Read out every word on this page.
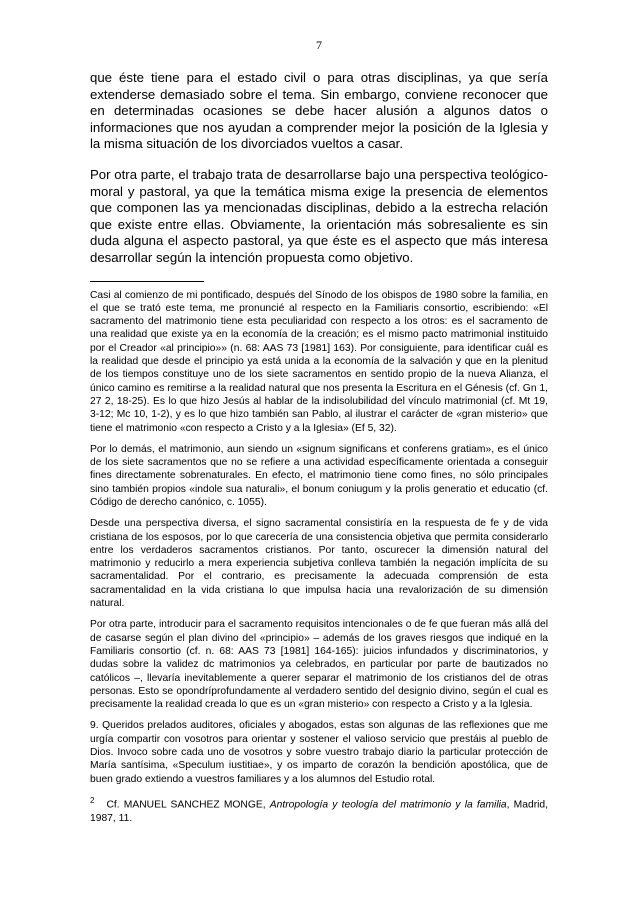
7

que éste tiene para el estado civil o para otras disciplinas, ya que sería extenderse demasiado sobre el tema. Sin embargo, conviene reconocer que en determinadas ocasiones se debe hacer alusión a algunos datos o informaciones que nos ayudan a comprender mejor la posición de la Iglesia y la misma situación de los divorciados vueltos a casar.

Por otra parte, el trabajo trata de desarrollarse bajo una perspectiva teológico-moral y pastoral, ya que la temática misma exige la presencia de elementos que componen las ya mencionadas disciplinas, debido a la estrecha relación que existe entre ellas. Obviamente, la orientación más sobresaliente es sin duda alguna el aspecto pastoral, ya que éste es el aspecto que más interesa desarrollar según la intención propuesta como objetivo.

Casi al comienzo de mi pontificado, después del Sínodo de los obispos de 1980 sobre la familia, en el que se trató este tema, me pronuncié al respecto en la Familiaris consortio, escribiendo: «El sacramento del matrimonio tiene esta peculiaridad con respecto a los otros: es el sacramento de una realidad que existe ya en la economía de la creación; es el mismo pacto matrimonial instituido por el Creador «al principio»» (n. 68: AAS 73 [1981] 163). Por consiguiente, para identificar cuál es la realidad que desde el principio ya está unida a la economía de la salvación y que en la plenitud de los tiempos constituye uno de los siete sacramentos en sentido propio de la nueva Alianza, el único camino es remitirse a la realidad natural que nos presenta la Escritura en el Génesis (cf. Gn 1, 27 2, 18-25). Es lo que hizo Jesús al hablar de la indisolubilidad del vínculo matrimonial (cf. Mt 19, 3-12; Mc 10, 1-2), y es lo que hizo también san Pablo, al ilustrar el carácter de «gran misterio» que tiene el matrimonio «con respecto a Cristo y a la Iglesia» (Ef 5, 32).

Por lo demás, el matrimonio, aun siendo un «signum significans et conferens gratiam», es el único de los siete sacramentos que no se refiere a una actividad específicamente orientada a conseguir fines directamente sobrenaturales. En efecto, el matrimonio tiene como fines, no sólo principales sino también propios «indole sua naturali», el bonum coniugum y la prolis generatio et educatio (cf. Código de derecho canónico, c. 1055).

Desde una perspectiva diversa, el signo sacramental consistiría en la respuesta de fe y de vida cristiana de los esposos, por lo que carecería de una consistencia objetiva que permita considerarlo entre los verdaderos sacramentos cristianos. Por tanto, oscurecer la dimensión natural del matrimonio y reducirlo a mera experiencia subjetiva conlleva también la negación implícita de su sacramentalidad. Por el contrario, es precisamente la adecuada comprensión de esta sacramentalidad en la vida cristiana lo que impulsa hacia una revalorización de su dimensión natural.

Por otra parte, introducir para el sacramento requisitos intencionales o de fe que fueran más allá del de casarse según el plan divino del «principio» – además de los graves riesgos que indiqué en la Familiaris consortio (cf. n. 68: AAS 73 [1981] 164-165): juicios infundados y discriminatorios, y dudas sobre la validez dc matrimonios ya celebrados, en particular por parte de bautizados no católicos –, llevaría inevitablemente a querer separar el matrimonio de los cristianos del de otras personas. Esto se opondríprofundamente al verdadero sentido del designio divino, según el cual es precisamente la realidad creada lo que es un «gran misterio» con respecto a Cristo y a la Iglesia.

9. Queridos prelados auditores, oficiales y abogados, estas son algunas de las reflexiones que me urgía compartir con vosotros para orientar y sostener el valioso servicio que prestáis al pueblo de Dios. Invoco sobre cada uno de vosotros y sobre vuestro trabajo diario la particular protección de María santísima, «Speculum iustitiae», y os imparto de corazón la bendición apostólica, que de buen grado extiendo a vuestros familiares y a los alumnos del Estudio rotal.

$^2$ Cf. MANUEL SANCHEZ MONGE, Antropología y teología del matrimonio y la familia, Madrid, 1987, 11.
